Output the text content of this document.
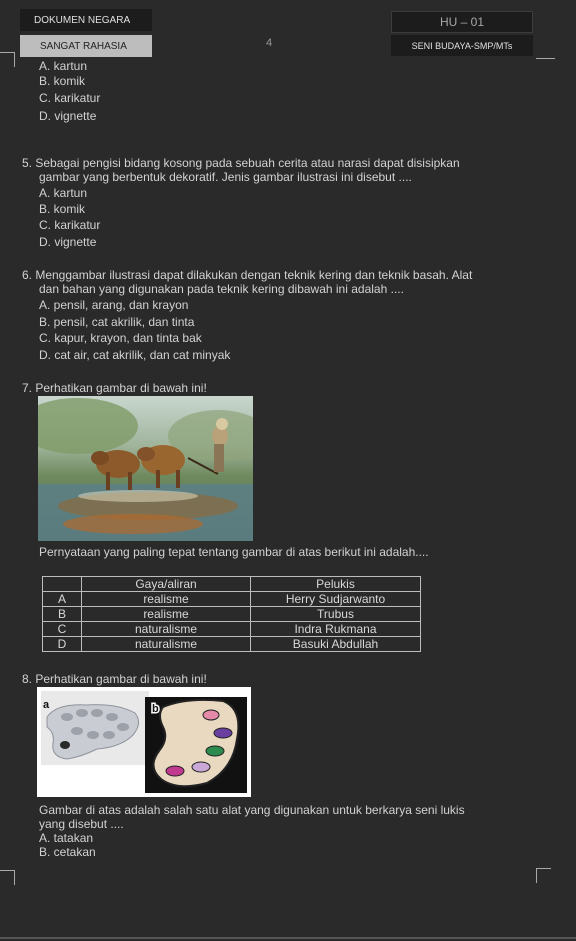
DOKUMEN NEGARA
SANGAT RAHASIA	4
HU – 01
SENI BUDAYA-SMP/MTs
A. kartun
B. komik
C. karikatur
D. vignette
5. Sebagai pengisi bidang kosong pada sebuah cerita atau narasi dapat disisipkan
gambar yang berbentuk dekoratif. Jenis gambar ilustrasi ini disebut ....
A. kartun
B. komik
C. karikatur
D. vignette
6. Menggambar ilustrasi dapat dilakukan dengan teknik kering dan teknik basah. Alat
dan bahan yang digunakan pada teknik kering dibawah ini adalah ....
A. pensil, arang, dan krayon
B. pensil, cat akrilik, dan tinta
C. kapur, krayon, dan tinta bak
D. cat air, cat akrilik, dan cat minyak
7. Perhatikan gambar di bawah ini!
Pernyataan yang paling tepat tentang gambar di atas berikut ini adalah....
	Gaya/aliran	Pelukis
A	realisme	Herry Sudjarwanto
B	realisme	Trubus
C	naturalisme	Indra Rukmana
D	naturalisme	Basuki Abdullah
8. Perhatikan gambar di bawah ini!
a	b
Gambar di atas adalah salah satu alat yang digunakan untuk berkarya seni lukis
yang disebut ....
A. tatakan
B. cetakan
